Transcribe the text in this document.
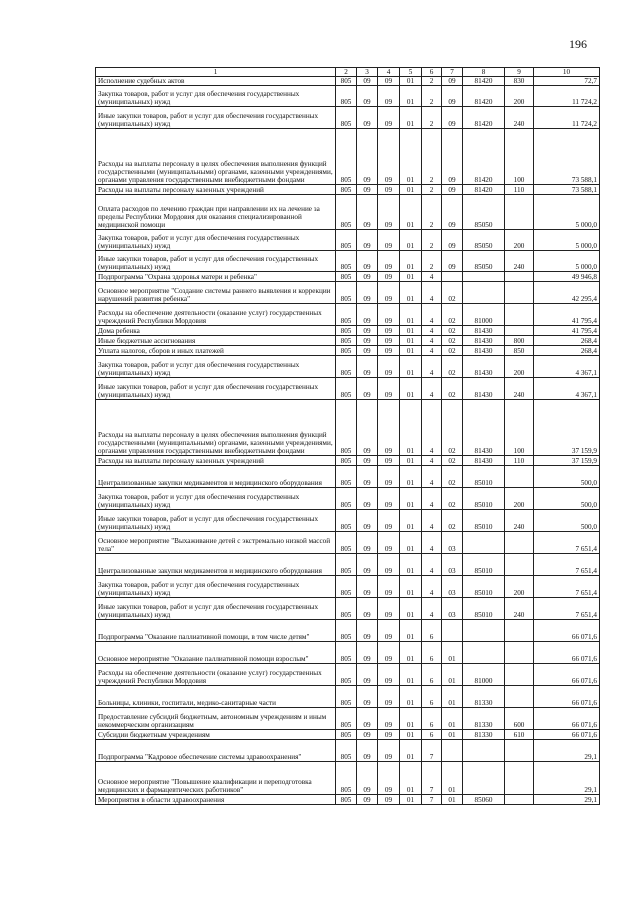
196
1	2	3	4	5	6	7	8	9	10
Исполнение судебных актов	805	09	09	01	2	09	81420	830	72,7
Закупка товаров, работ и услуг для обеспечения государственных (муниципальных) нужд	805	09	09	01	2	09	81420	200	11 724,2
Иные закупки товаров, работ и услуг для обеспечения государственных (муниципальных) нужд	805	09	09	01	2	09	81420	240	11 724,2
Расходы на выплаты персоналу в целях обеспечения выполнения функций государственными (муниципальными) органами, казенными учреждениями, органами управления государственными внебюджетными фондами	805	09	09	01	2	09	81420	100	73 588,1
Расходы на выплаты персоналу казенных учреждений	805	09	09	01	2	09	81420	110	73 588,1
Оплата расходов по лечению граждан при направлении их на лечение за пределы Республики Мордовия для оказания специализированной медицинской помощи	805	09	09	01	2	09	85050		5 000,0
Закупка товаров, работ и услуг для обеспечения государственных (муниципальных) нужд	805	09	09	01	2	09	85050	200	5 000,0
Иные закупки товаров, работ и услуг для обеспечения государственных (муниципальных) нужд	805	09	09	01	2	09	85050	240	5 000,0
Подпрограмма "Охрана здоровья матери и ребенка"	805	09	09	01	4				49 946,8
Основное мероприятие "Создание системы раннего выявления и коррекции нарушений развития ребенка"	805	09	09	01	4	02			42 295,4
Расходы на обеспечение деятельности (оказание услуг) государственных учреждений Республики Мордовия	805	09	09	01	4	02	81000		41 795,4
Дома ребенка	805	09	09	01	4	02	81430		41 795,4
Иные бюджетные ассигнования	805	09	09	01	4	02	81430	800	268,4
Уплата налогов, сборов и иных платежей	805	09	09	01	4	02	81430	850	268,4
Закупка товаров, работ и услуг для обеспечения государственных (муниципальных) нужд	805	09	09	01	4	02	81430	200	4 367,1
Иные закупки товаров, работ и услуг для обеспечения государственных (муниципальных) нужд	805	09	09	01	4	02	81430	240	4 367,1
Расходы на выплаты персоналу в целях обеспечения выполнения функций государственными (муниципальными) органами, казенными учреждениями, органами управления государственными внебюджетными фондами	805	09	09	01	4	02	81430	100	37 159,9
Расходы на выплаты персоналу казенных учреждений	805	09	09	01	4	02	81430	110	37 159,9
Централизованные закупки медикаментов и медицинского оборудования	805	09	09	01	4	02	85010		500,0
Закупка товаров, работ и услуг для обеспечения государственных (муниципальных) нужд	805	09	09	01	4	02	85010	200	500,0
Иные закупки товаров, работ и услуг для обеспечения государственных (муниципальных) нужд	805	09	09	01	4	02	85010	240	500,0
Основное мероприятие "Выхаживание детей с экстремально низкой массой тела"	805	09	09	01	4	03			7 651,4
Централизованные закупки медикаментов и медицинского оборудования	805	09	09	01	4	03	85010		7 651,4
Закупка товаров, работ и услуг для обеспечения государственных (муниципальных) нужд	805	09	09	01	4	03	85010	200	7 651,4
Иные закупки товаров, работ и услуг для обеспечения государственных (муниципальных) нужд	805	09	09	01	4	03	85010	240	7 651,4
Подпрограмма "Оказание паллиативной помощи, в том числе детям"	805	09	09	01	6				66 071,6
Основное мероприятие "Оказание паллиативной помощи взрослым"	805	09	09	01	6	01			66 071,6
Расходы на обеспечение деятельности (оказание услуг) государственных учреждений Республики Мордовия	805	09	09	01	6	01	81000		66 071,6
Больницы, клиники, госпитали, медико-санитарные части	805	09	09	01	6	01	81330		66 071,6
Предоставление субсидий бюджетным, автономным учреждениям и иным некоммерческим организациям	805	09	09	01	6	01	81330	600	66 071,6
Субсидии бюджетным учреждениям	805	09	09	01	6	01	81330	610	66 071,6
Подпрограмма "Кадровое обеспечение системы здравоохранения"	805	09	09	01	7				29,1
Основное мероприятие "Повышение квалификации и переподготовка медицинских и фармацевтических работников"	805	09	09	01	7	01			29,1
Мероприятия в области здравоохранения	805	09	09	01	7	01	85060		29,1
